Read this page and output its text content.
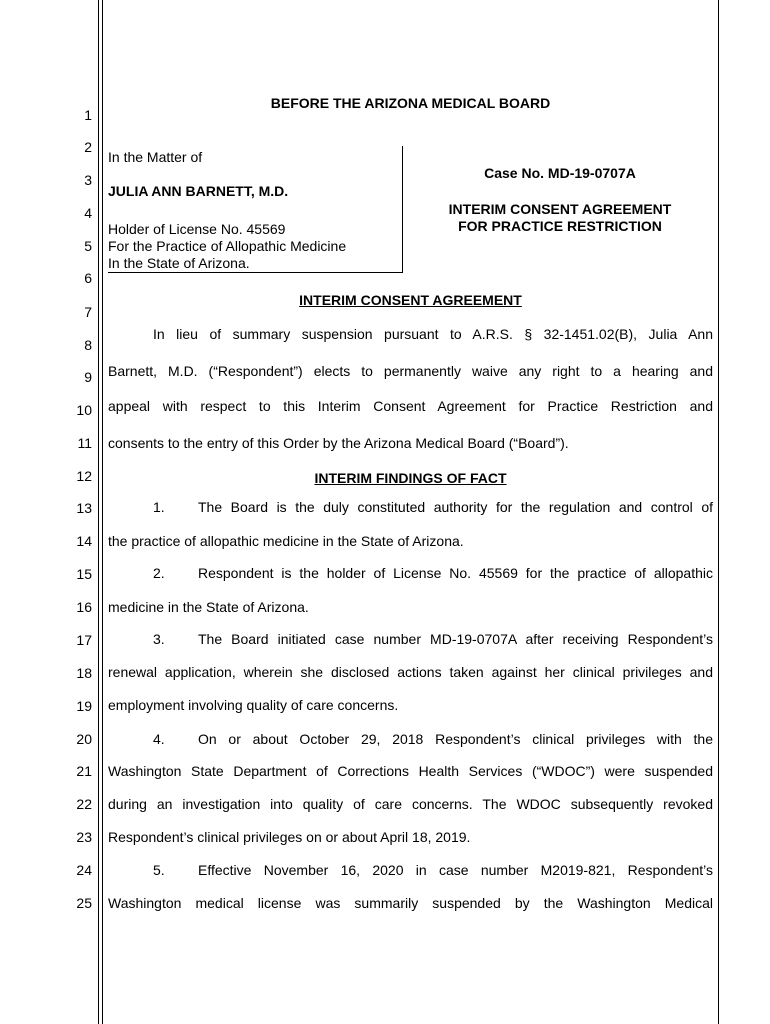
1
2
3
4
5
6
7
8
9
10
11
12
13
14
15
16
17
18
19
20
21
22
23
24
25
BEFORE THE ARIZONA MEDICAL BOARD
In the Matter of
JULIA ANN BARNETT, M.D.
Holder of License No. 45569
For the Practice of Allopathic Medicine
In the State of Arizona.
Case No. MD-19-0707A
INTERIM CONSENT AGREEMENT
FOR PRACTICE RESTRICTION
INTERIM CONSENT AGREEMENT
In lieu of summary suspension pursuant to A.R.S. § 32-1451.02(B), Julia Ann
Barnett, M.D. (“Respondent”) elects to permanently waive any right to a hearing and
appeal with respect to this Interim Consent Agreement for Practice Restriction and
consents to the entry of this Order by the Arizona Medical Board (“Board”).
INTERIM FINDINGS OF FACT
1. The Board is the duly constituted authority for the regulation and control of
the practice of allopathic medicine in the State of Arizona.
2. Respondent is the holder of License No. 45569 for the practice of allopathic
medicine in the State of Arizona.
3. The Board initiated case number MD-19-0707A after receiving Respondent’s
renewal application, wherein she disclosed actions taken against her clinical privileges and
employment involving quality of care concerns.
4. On or about October 29, 2018 Respondent’s clinical privileges with the
Washington State Department of Corrections Health Services (“WDOC”) were suspended
during an investigation into quality of care concerns. The WDOC subsequently revoked
Respondent’s clinical privileges on or about April 18, 2019.
5. Effective November 16, 2020 in case number M2019-821, Respondent’s
Washington medical license was summarily suspended by the Washington Medical
